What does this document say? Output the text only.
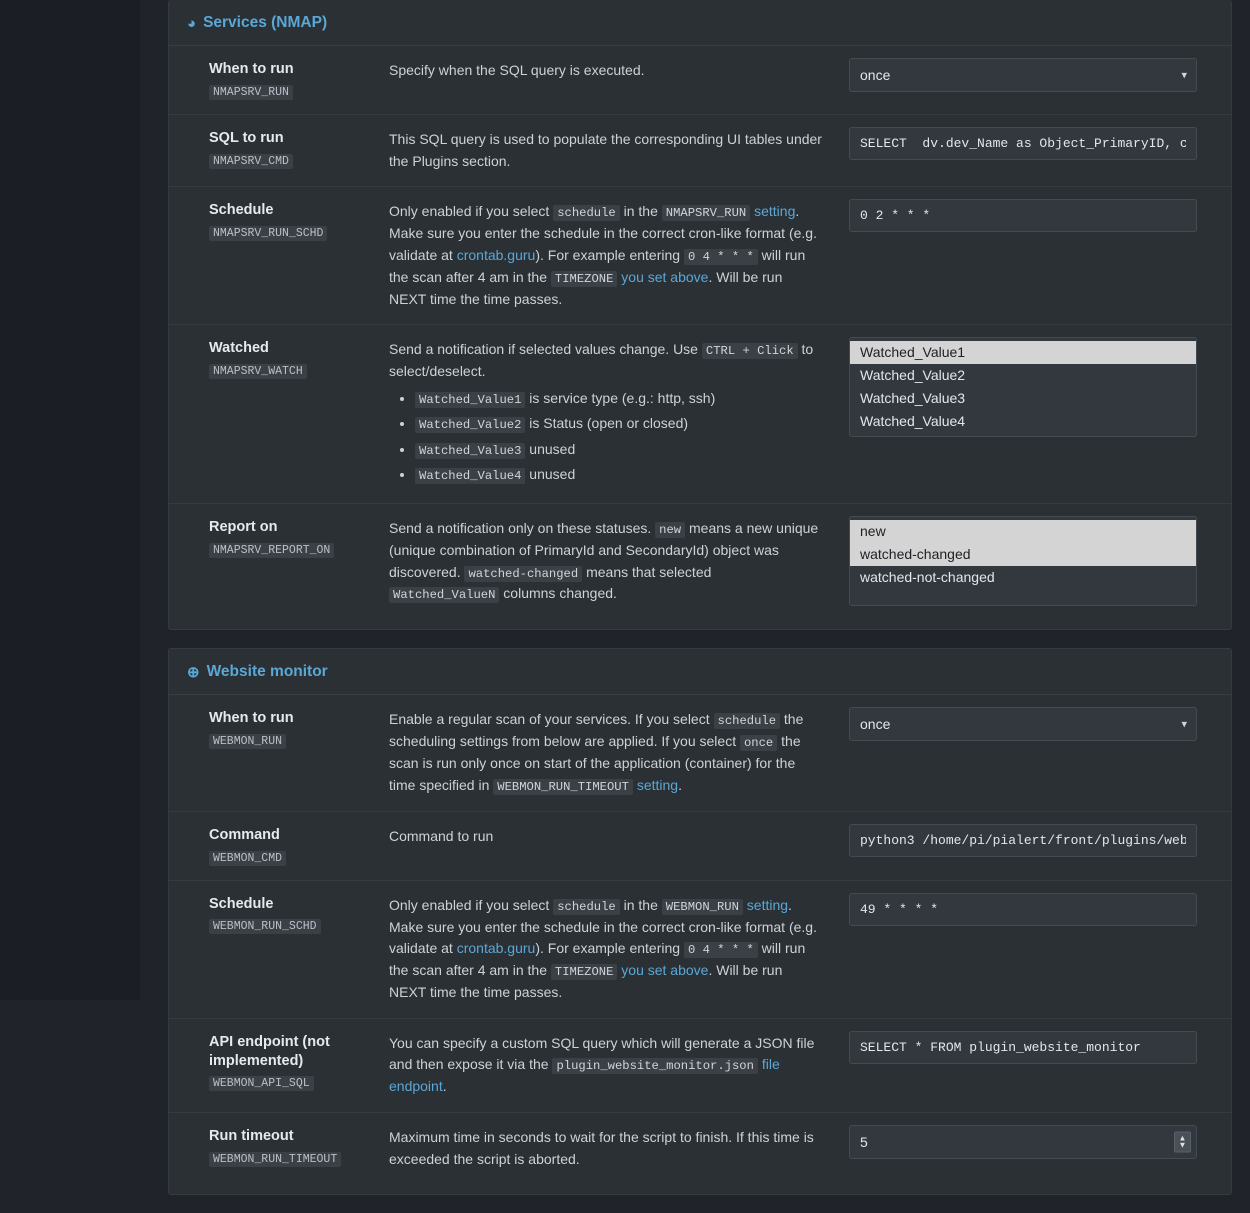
◕ Services (NMAP)
When to run
NMAPSRV_RUN
Specify when the SQL query is executed.
once	▾
SQL to run
NMAPSRV_CMD
This SQL query is used to populate the corresponding UI tables under the Plugins section.
SELECT dv.dev_Name as Object_PrimaryID, cast({s-quo
Schedule
NMAPSRV_RUN_SCHD
Only enabled if you select schedule in the NMAPSRV_RUN setting. Make sure you enter the schedule in the correct cron-like format (e.g. validate at crontab.guru). For example entering 0 4 * * * will run the scan after 4 am in the TIMEZONE you set above. Will be run NEXT time the time passes.
0 2 * * *
Watched
NMAPSRV_WATCH
Send a notification if selected values change. Use CTRL + Click to select/deselect.
• Watched_Value1 is service type (e.g.: http, ssh)
• Watched_Value2 is Status (open or closed)
• Watched_Value3 unused
• Watched_Value4 unused
Watched_Value1
Watched_Value2
Watched_Value3
Watched_Value4
Report on
NMAPSRV_REPORT_ON
Send a notification only on these statuses. new means a new unique (unique combination of PrimaryId and SecondaryId) object was discovered. watched-changed means that selected Watched_ValueN columns changed.
new
watched-changed
watched-not-changed
⊕ Website monitor
When to run
WEBMON_RUN
Enable a regular scan of your services. If you select schedule the scheduling settings from below are applied. If you select once the scan is run only once on start of the application (container) for the time specified in WEBMON_RUN_TIMEOUT setting.
once
▾
Command
WEBMON_CMD
Command to run
python3 /home/pi/pialert/front/plugins/website_monit
Schedule
WEBMON_RUN_SCHD
Only enabled if you select schedule in the WEBMON_RUN setting. Make sure you enter the schedule in the correct cron-like format (e.g. validate at crontab.guru). For example entering 0 4 * * * will run the scan after 4 am in the TIMEZONE you set above. Will be run NEXT time the time passes.
49 * * * *
API endpoint (not implemented)
WEBMON_API_SQL
You can specify a custom SQL query which will generate a JSON file and then expose it via the plugin_website_monitor.json file endpoint.
SELECT * FROM plugin_website_monitor
Run timeout
WEBMON_RUN_TIMEOUT
Maximum time in seconds to wait for the script to finish. If this time is exceeded the script is aborted.
5
▲
▼
